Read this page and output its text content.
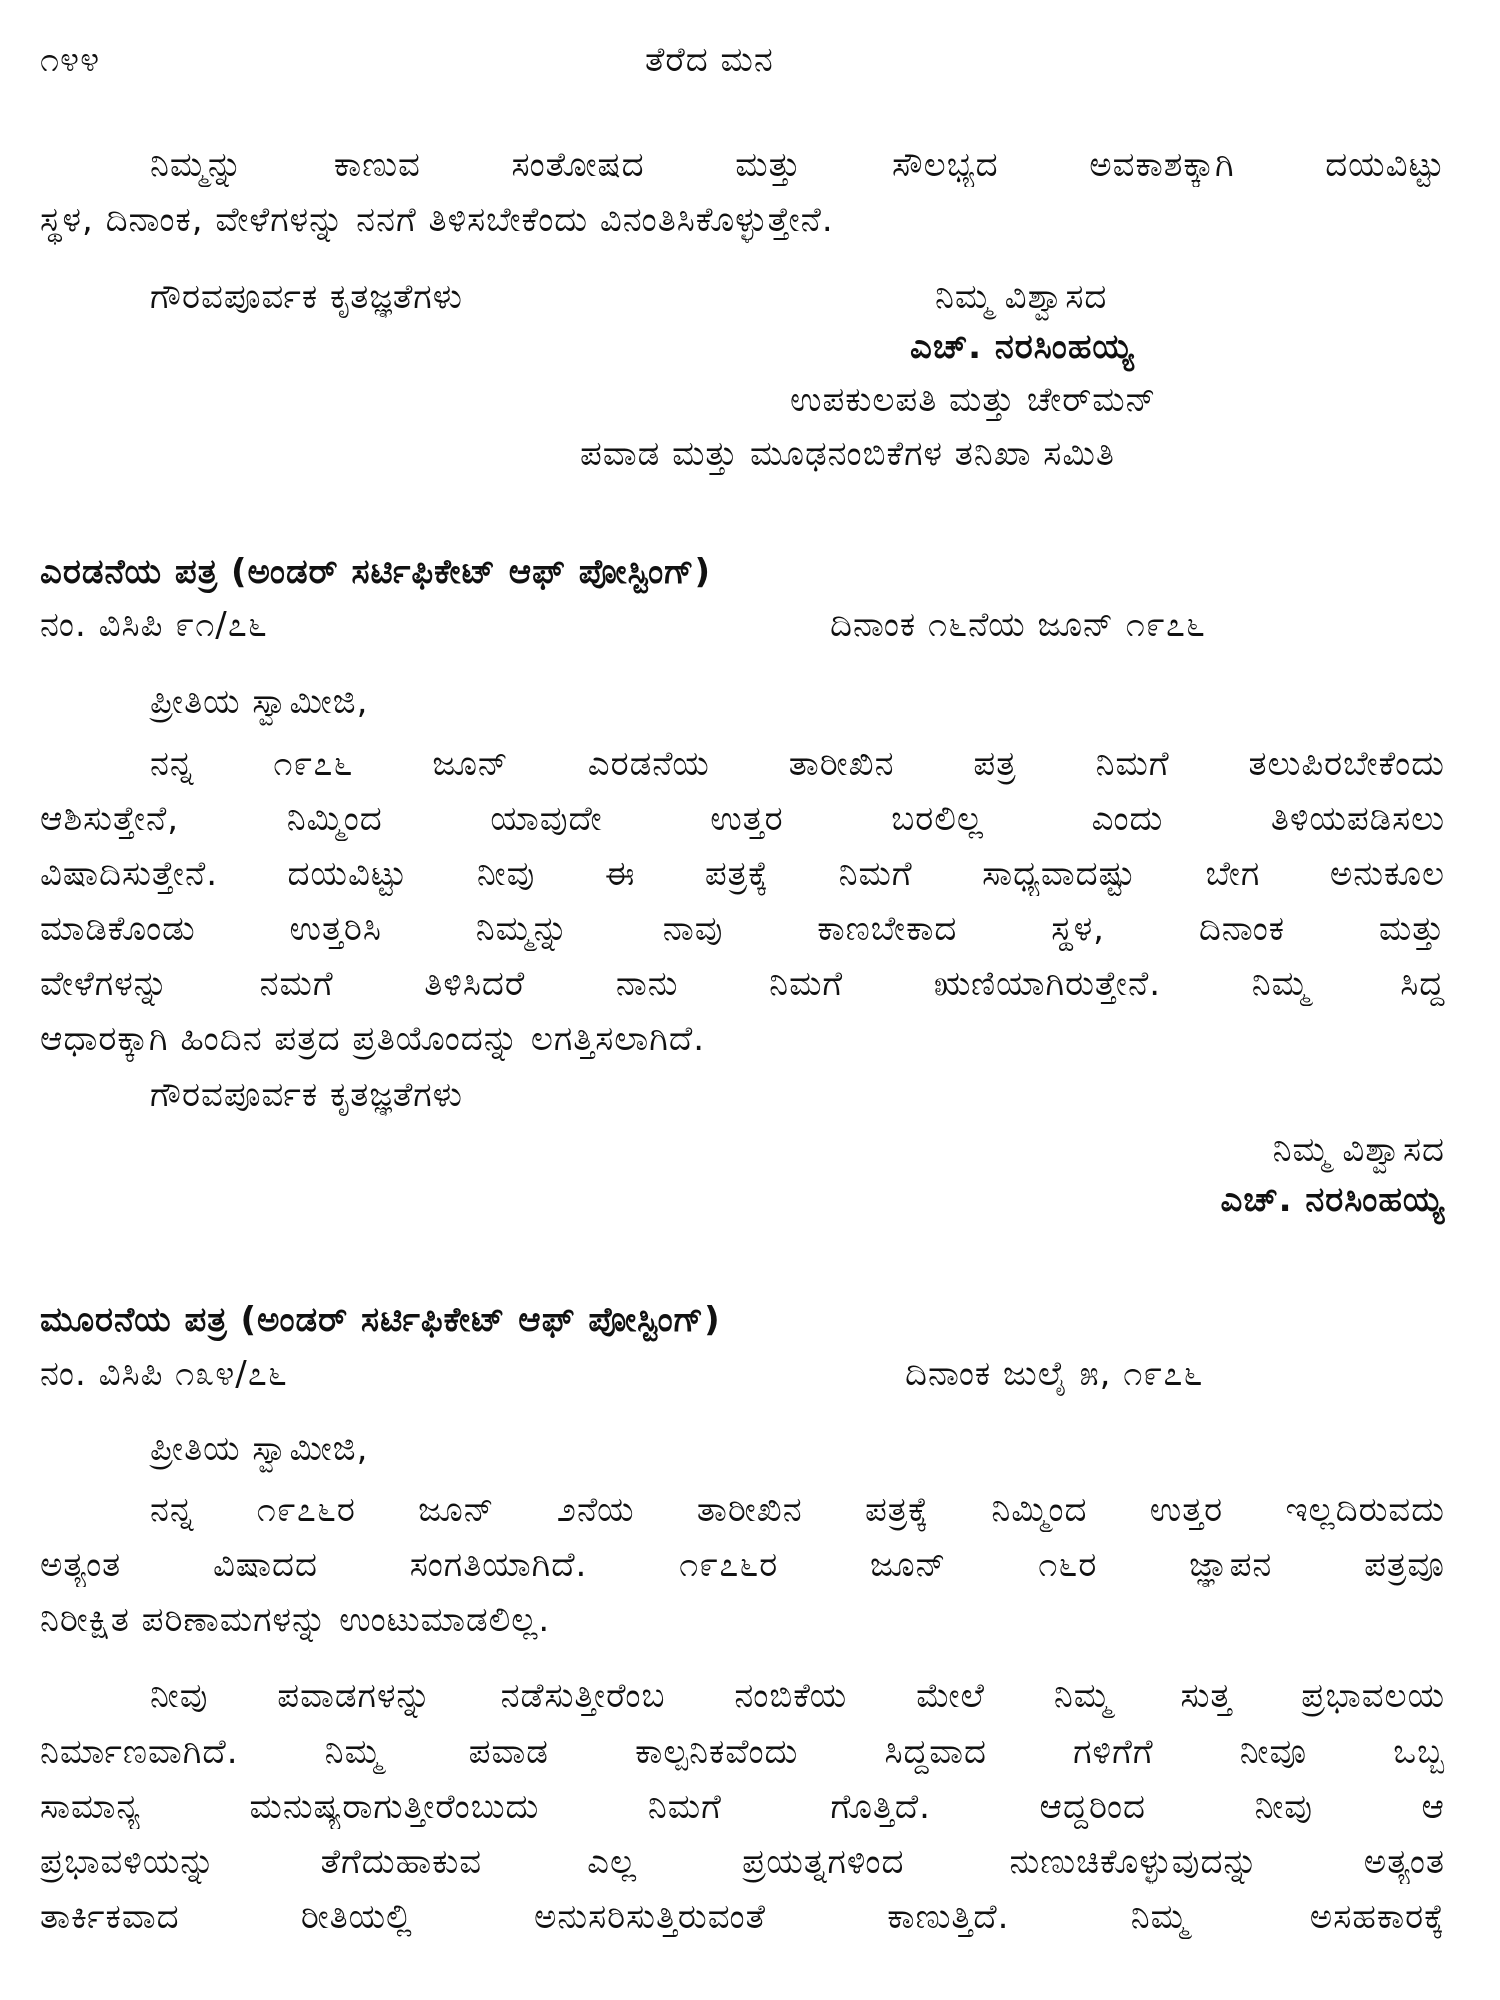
೧೪೪	ತೆರೆದ ಮನ
ನಿಮ್ಮನ್ನು ಕಾಣುವ ಸಂತೋಷದ ಮತ್ತು ಸೌಲಭ್ಯದ ಅವಕಾಶಕ್ಕಾಗಿ ದಯವಿಟ್ಟು
ಸ್ಥಳ, ದಿನಾಂಕ, ವೇಳೆಗಳನ್ನು ನನಗೆ ತಿಳಿಸಬೇಕೆಂದು ವಿನಂತಿಸಿಕೊಳ್ಳುತ್ತೇನೆ.
ಗೌರವಪೂರ್ವಕ ಕೃತಜ್ಞತೆಗಳು	ನಿಮ್ಮ ವಿಶ್ವಾಸದ
ಎಚ್. ನರಸಿಂಹಯ್ಯ
ಉಪಕುಲಪತಿ ಮತ್ತು ಚೇರ್‌ಮನ್
ಪವಾಡ ಮತ್ತು ಮೂಢನಂಬಿಕೆಗಳ ತನಿಖಾ ಸಮಿತಿ
ಎರಡನೆಯ ಪತ್ರ (ಅಂಡರ್ ಸರ್ಟಿಫಿಕೇಟ್ ಆಫ್ ಪೋಸ್ಟಿಂಗ್)
ನಂ. ವಿಸಿಪಿ ೯೧/೭೬	ದಿನಾಂಕ ೧೬ನೆಯ ಜೂನ್ ೧೯೭೬
ಪ್ರೀತಿಯ ಸ್ವಾಮೀಜಿ,
ನನ್ನ ೧೯೭೬ ಜೂನ್ ಎರಡನೆಯ ತಾರೀಖಿನ ಪತ್ರ ನಿಮಗೆ ತಲುಪಿರಬೇಕೆಂದು
ಆಶಿಸುತ್ತೇನೆ, ನಿಮ್ಮಿಂದ ಯಾವುದೇ ಉತ್ತರ ಬರಲಿಲ್ಲ ಎಂದು ತಿಳಿಯಪಡಿಸಲು
ವಿಷಾದಿಸುತ್ತೇನೆ. ದಯವಿಟ್ಟು ನೀವು ಈ ಪತ್ರಕ್ಕೆ ನಿಮಗೆ ಸಾಧ್ಯವಾದಷ್ಟು ಬೇಗ ಅನುಕೂಲ
ಮಾಡಿಕೊಂಡು ಉತ್ತರಿಸಿ ನಿಮ್ಮನ್ನು ನಾವು ಕಾಣಬೇಕಾದ ಸ್ಥಳ, ದಿನಾಂಕ ಮತ್ತು
ವೇಳೆಗಳನ್ನು ನಮಗೆ ತಿಳಿಸಿದರೆ ನಾನು ನಿಮಗೆ ಋಣಿಯಾಗಿರುತ್ತೇನೆ. ನಿಮ್ಮ ಸಿದ್ಧ
ಆಧಾರಕ್ಕಾಗಿ ಹಿಂದಿನ ಪತ್ರದ ಪ್ರತಿಯೊಂದನ್ನು ಲಗತ್ತಿಸಲಾಗಿದೆ.
ಗೌರವಪೂರ್ವಕ ಕೃತಜ್ಞತೆಗಳು
ನಿಮ್ಮ ವಿಶ್ವಾಸದ
ಎಚ್. ನರಸಿಂಹಯ್ಯ
ಮೂರನೆಯ ಪತ್ರ (ಅಂಡರ್ ಸರ್ಟಿಫಿಕೇಟ್ ಆಫ್ ಪೋಸ್ಟಿಂಗ್)
ನಂ. ವಿಸಿಪಿ ೧೩೪/೭೬	ದಿನಾಂಕ ಜುಲೈ ೫, ೧೯೭೬
ಪ್ರೀತಿಯ ಸ್ವಾಮೀಜಿ,
ನನ್ನ ೧೯೭೬ರ ಜೂನ್ ೨ನೆಯ ತಾರೀಖಿನ ಪತ್ರಕ್ಕೆ ನಿಮ್ಮಿಂದ ಉತ್ತರ ಇಲ್ಲದಿರುವದು
ಅತ್ಯಂತ ವಿಷಾದದ ಸಂಗತಿಯಾಗಿದೆ. ೧೯೭೬ರ ಜೂನ್ ೧೬ರ ಜ್ಞಾಪನ ಪತ್ರವೂ
ನಿರೀಕ್ಷಿತ ಪರಿಣಾಮಗಳನ್ನು ಉಂಟುಮಾಡಲಿಲ್ಲ.
ನೀವು ಪವಾಡಗಳನ್ನು ನಡೆಸುತ್ತೀರೆಂಬ ನಂಬಿಕೆಯ ಮೇಲೆ ನಿಮ್ಮ ಸುತ್ತ ಪ್ರಭಾವಲಯ
ನಿರ್ಮಾಣವಾಗಿದೆ. ನಿಮ್ಮ ಪವಾಡ ಕಾಲ್ಪನಿಕವೆಂದು ಸಿದ್ಧವಾದ ಗಳಿಗೆಗೆ ನೀವೂ ಒಬ್ಬ
ಸಾಮಾನ್ಯ ಮನುಷ್ಯರಾಗುತ್ತೀರೆಂಬುದು ನಿಮಗೆ ಗೊತ್ತಿದೆ. ಆದ್ದರಿಂದ ನೀವು ಆ
ಪ್ರಭಾವಳಿಯನ್ನು ತೆಗೆದುಹಾಕುವ ಎಲ್ಲ ಪ್ರಯತ್ನಗಳಿಂದ ನುಣುಚಿಕೊಳ್ಳುವುದನ್ನು ಅತ್ಯಂತ
ತಾರ್ಕಿಕವಾದ ರೀತಿಯಲ್ಲಿ ಅನುಸರಿಸುತ್ತಿರುವಂತೆ ಕಾಣುತ್ತಿದೆ. ನಿಮ್ಮ ಅಸಹಕಾರಕ್ಕೆ
